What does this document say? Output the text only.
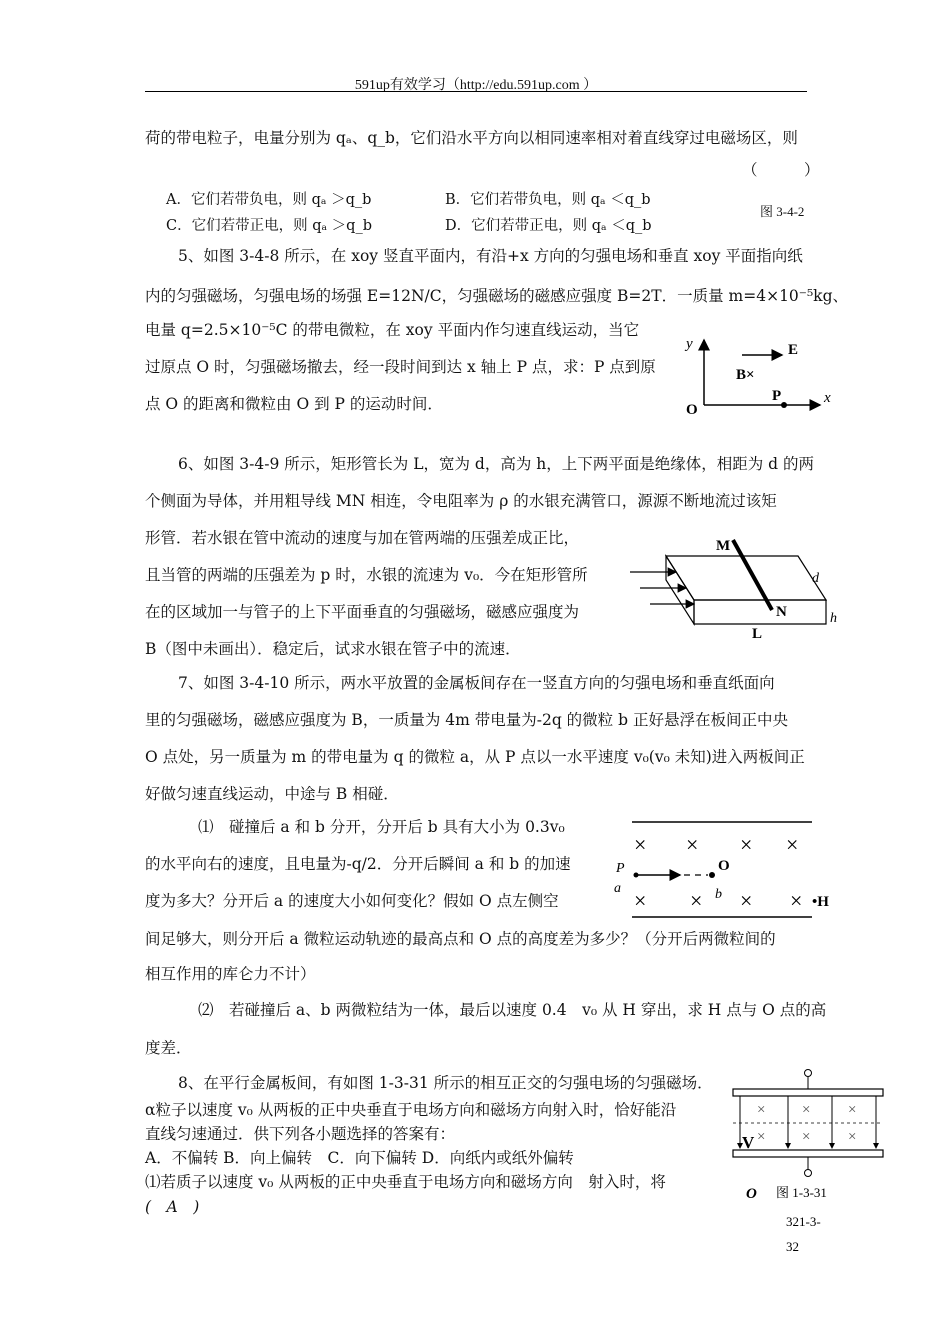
591up有效学习（http://edu.591up.com ）
荷的带电粒子，电量分别为 qₐ、q_b，它们沿水平方向以相同速率相对着直线穿过电磁场区，则
（　　　）
A．它们若带负电，则 qₐ ＞q_b	B．它们若带负电，则 qₐ ＜q_b
C．它们若带正电，则 qₐ ＞q_b	D．它们若带正电，则 qₐ ＜q_b
图 3-4-2
5、如图 3-4-8 所示，在 xoy 竖直平面内，有沿+x 方向的匀强电场和垂直 xoy 平面指向纸
内的匀强磁场，匀强电场的场强 E=12N/C，匀强磁场的磁感应强度 B=2T．一质量 m=4×10⁻⁵kg、
电量 q=2.5×10⁻⁵C 的带电微粒，在 xoy 平面内作匀速直线运动，当它
过原点 O 时，匀强磁场撤去，经一段时间到达 x 轴上 P 点，求：P 点到原
点 O 的距离和微粒由 O 到 P 的运动时间．
y
x
E
B×
P
O
6、如图 3-4-9 所示，矩形管长为 L，宽为 d，高为 h，上下两平面是绝缘体，相距为 d 的两
个侧面为导体，并用粗导线 MN 相连，令电阻率为 ρ 的水银充满管口，源源不断地流过该矩
形管．若水银在管中流动的速度与加在管两端的压强差成正比，
且当管的两端的压强差为 p 时，水银的流速为 v₀．今在矩形管所
在的区域加一与管子的上下平面垂直的匀强磁场，磁感应强度为
B（图中未画出）．稳定后，试求水银在管子中的流速．
M
N
L
d
h
7、如图 3-4-10 所示，两水平放置的金属板间存在一竖直方向的匀强电场和垂直纸面向
里的匀强磁场，磁感应强度为 B，一质量为 4m 带电量为-2q 的微粒 b 正好悬浮在板间正中央
O 点处，另一质量为 m 的带电量为 q 的微粒 a，从 P 点以一水平速度 v₀(v₀ 未知)进入两板间正
好做匀速直线运动，中途与 B 相碰．
⑴　碰撞后 a 和 b 分开，分开后 b 具有大小为 0.3v₀
的水平向右的速度，且电量为-q/2．分开后瞬间 a 和 b 的加速
度为多大？分开后 a 的速度大小如何变化？假如 O 点左侧空
间足够大，则分开后 a 微粒运动轨迹的最高点和 O 点的高度差为多少？（分开后两微粒间的
相互作用的库仑力不计）
⑵　若碰撞后 a、b 两微粒结为一体，最后以速度 0.4　v₀ 从 H 穿出，求 H 点与 O 点的高
度差．
× × × ×
× × × ×
P
a
O
b	•H
8、在平行金属板间，有如图 1-3-31 所示的相互正交的匀强电场的匀强磁场．
α粒子以速度 v₀ 从两板的正中央垂直于电场方向和磁场方向射入时，恰好能沿
直线匀速通过．供下列各小题选择的答案有：
A．不偏转 B．向上偏转　C．向下偏转 D．向纸内或纸外偏转
⑴若质子以速度 v₀ 从两板的正中央垂直于电场方向和磁场方向　射入时，将
(　A　)
× ×	×
× ×	×
V
O 图 1-3-31
321-3-
32
